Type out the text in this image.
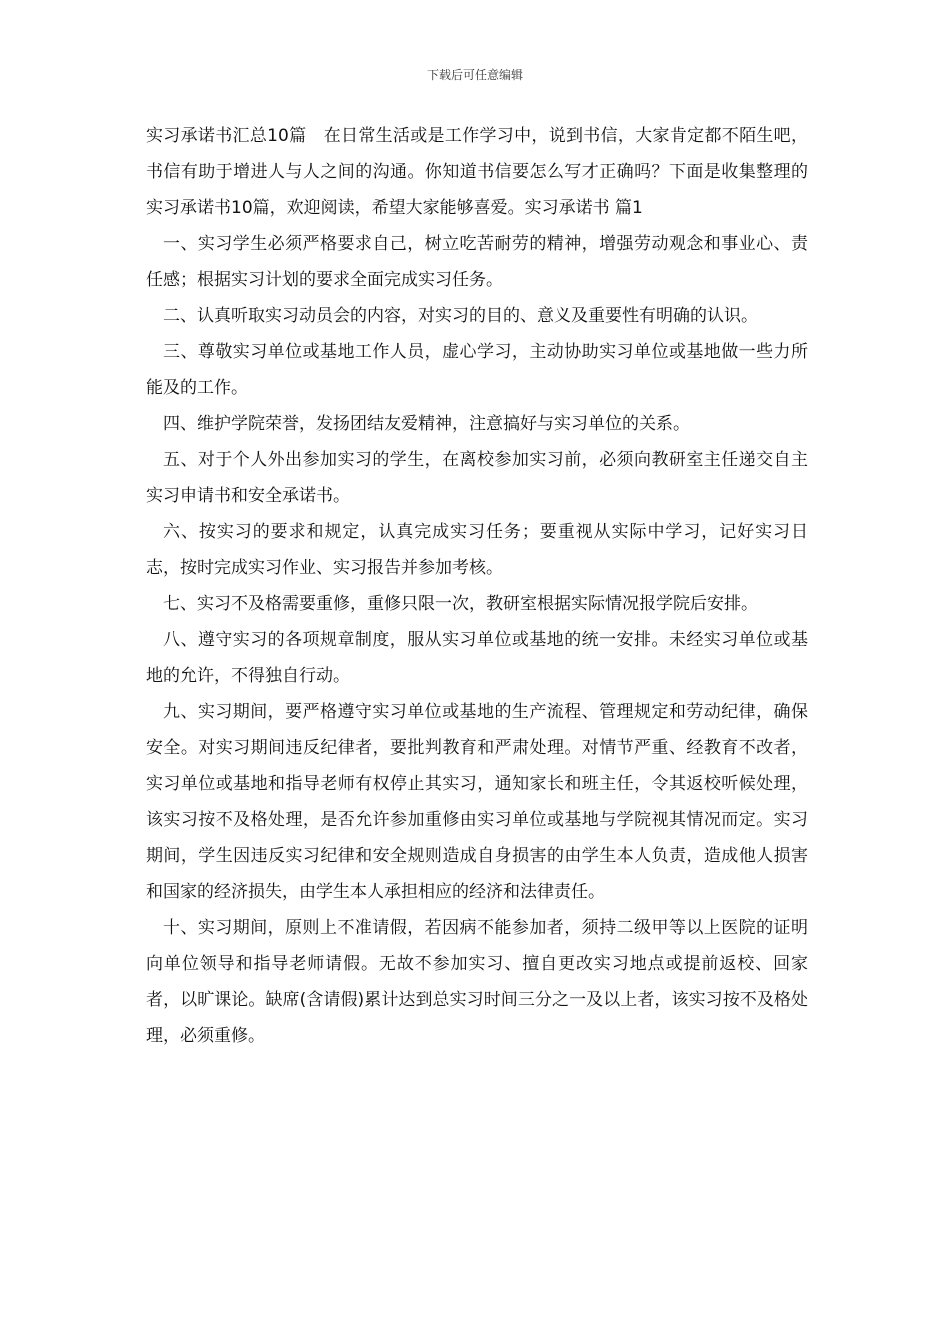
下载后可任意编辑

实习承诺书汇总10篇　在日常生活或是工作学习中，说到书信，大家肯定都不陌生吧，书信有助于增进人与人之间的沟通。你知道书信要怎么写才正确吗？下面是收集整理的实习承诺书10篇，欢迎阅读，希望大家能够喜爱。实习承诺书 篇1

一、实习学生必须严格要求自己，树立吃苦耐劳的精神，增强劳动观念和事业心、责任感；根据实习计划的要求全面完成实习任务。

二、认真听取实习动员会的内容，对实习的目的、意义及重要性有明确的认识。

三、尊敬实习单位或基地工作人员，虚心学习，主动协助实习单位或基地做一些力所能及的工作。

四、维护学院荣誉，发扬团结友爱精神，注意搞好与实习单位的关系。

五、对于个人外出参加实习的学生，在离校参加实习前，必须向教研室主任递交自主实习申请书和安全承诺书。

六、按实习的要求和规定，认真完成实习任务；要重视从实际中学习，记好实习日志，按时完成实习作业、实习报告并参加考核。

七、实习不及格需要重修，重修只限一次，教研室根据实际情况报学院后安排。

八、遵守实习的各项规章制度，服从实习单位或基地的统一安排。未经实习单位或基地的允许，不得独自行动。

九、实习期间，要严格遵守实习单位或基地的生产流程、管理规定和劳动纪律，确保安全。对实习期间违反纪律者，要批判教育和严肃处理。对情节严重、经教育不改者，实习单位或基地和指导老师有权停止其实习，通知家长和班主任，令其返校听候处理，该实习按不及格处理，是否允许参加重修由实习单位或基地与学院视其情况而定。实习期间，学生因违反实习纪律和安全规则造成自身损害的由学生本人负责，造成他人损害和国家的经济损失，由学生本人承担相应的经济和法律责任。

十、实习期间，原则上不准请假，若因病不能参加者，须持二级甲等以上医院的证明向单位领导和指导老师请假。无故不参加实习、擅自更改实习地点或提前返校、回家者，以旷课论。缺席(含请假)累计达到总实习时间三分之一及以上者，该实习按不及格处理，必须重修。
